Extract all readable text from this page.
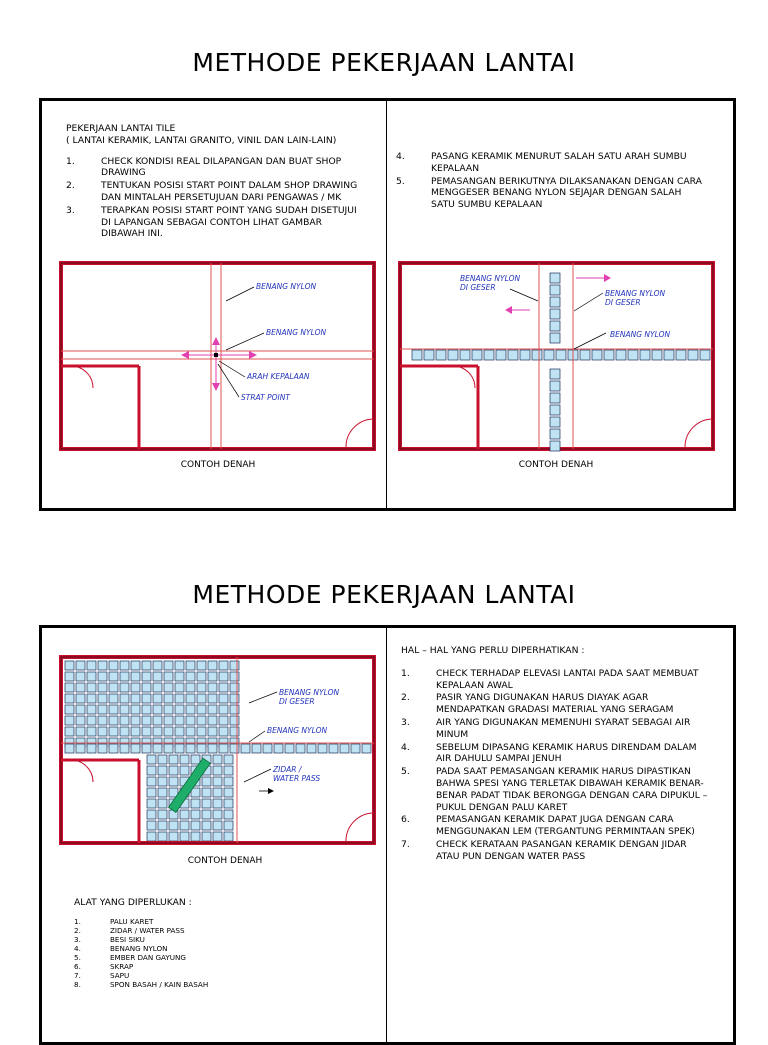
METHODE PEKERJAAN LANTAI
PEKERJAAN LANTAI TILE
( LANTAI KERAMIK, LANTAI GRANITO, VINIL DAN LAIN-LAIN)
1.	CHECK KONDISI REAL DILAPANGAN DAN BUAT SHOP DRAWING
2.	TENTUKAN POSISI START POINT DALAM SHOP DRAWING DAN MINTALAH PERSETUJUAN DARI PENGAWAS / MK
3.	TERAPKAN POSISI START POINT YANG SUDAH DISETUJUI DI LAPANGAN SEBAGAI CONTOH LIHAT GAMBAR DIBAWAH INI.
4.	PASANG KERAMIK MENURUT SALAH SATU ARAH SUMBU KEPALAAN
5.	PEMASANGAN BERIKUTNYA DILAKSANAKAN DENGAN CARA MENGGESER BENANG NYLON SEJAJAR DENGAN SALAH SATU SUMBU KEPALAAN
BENANG NYLON
BENANG NYLON
ARAH KEPALAAN
STRAT POINT
CONTOH DENAH
BENANG NYLON
DI GESER
BENANG NYLON
DI GESER
BENANG NYLON
CONTOH DENAH
METHODE PEKERJAAN LANTAI
BENANG NYLON
DI GESER
BENANG NYLON
ZIDAR /
WATER PASS
CONTOH DENAH
ALAT YANG DIPERLUKAN :
1.	PALU KARET
2.	ZIDAR / WATER PASS
3.	BESI SIKU
4.	BENANG NYLON
5.	EMBER DAN GAYUNG
6.	SKRAP
7.	SAPU
8.	SPON BASAH / KAIN BASAH
HAL – HAL YANG PERLU DIPERHATIKAN :
1.	CHECK TERHADAP ELEVASI LANTAI PADA SAAT MEMBUAT KEPALAAN AWAL
2.	PASIR YANG DIGUNAKAN HARUS DIAYAK AGAR MENDAPATKAN GRADASI MATERIAL YANG SERAGAM
3.	AIR YANG DIGUNAKAN MEMENUHI SYARAT SEBAGAI AIR MINUM
4.	SEBELUM DIPASANG KERAMIK HARUS DIRENDAM DALAM AIR DAHULU SAMPAI JENUH
5.	PADA SAAT PEMASANGAN KERAMIK HARUS DIPASTIKAN BAHWA SPESI YANG TERLETAK DIBAWAH KERAMIK BENAR-BENAR PADAT TIDAK BERONGGA DENGAN CARA DIPUKUL – PUKUL DENGAN PALU KARET
6.	PEMASANGAN KERAMIK DAPAT JUGA DENGAN CARA MENGGUNAKAN LEM (TERGANTUNG PERMINTAAN SPEK)
7.	CHECK KERATAAN PASANGAN KERAMIK DENGAN JIDAR ATAU PUN DENGAN WATER PASS
